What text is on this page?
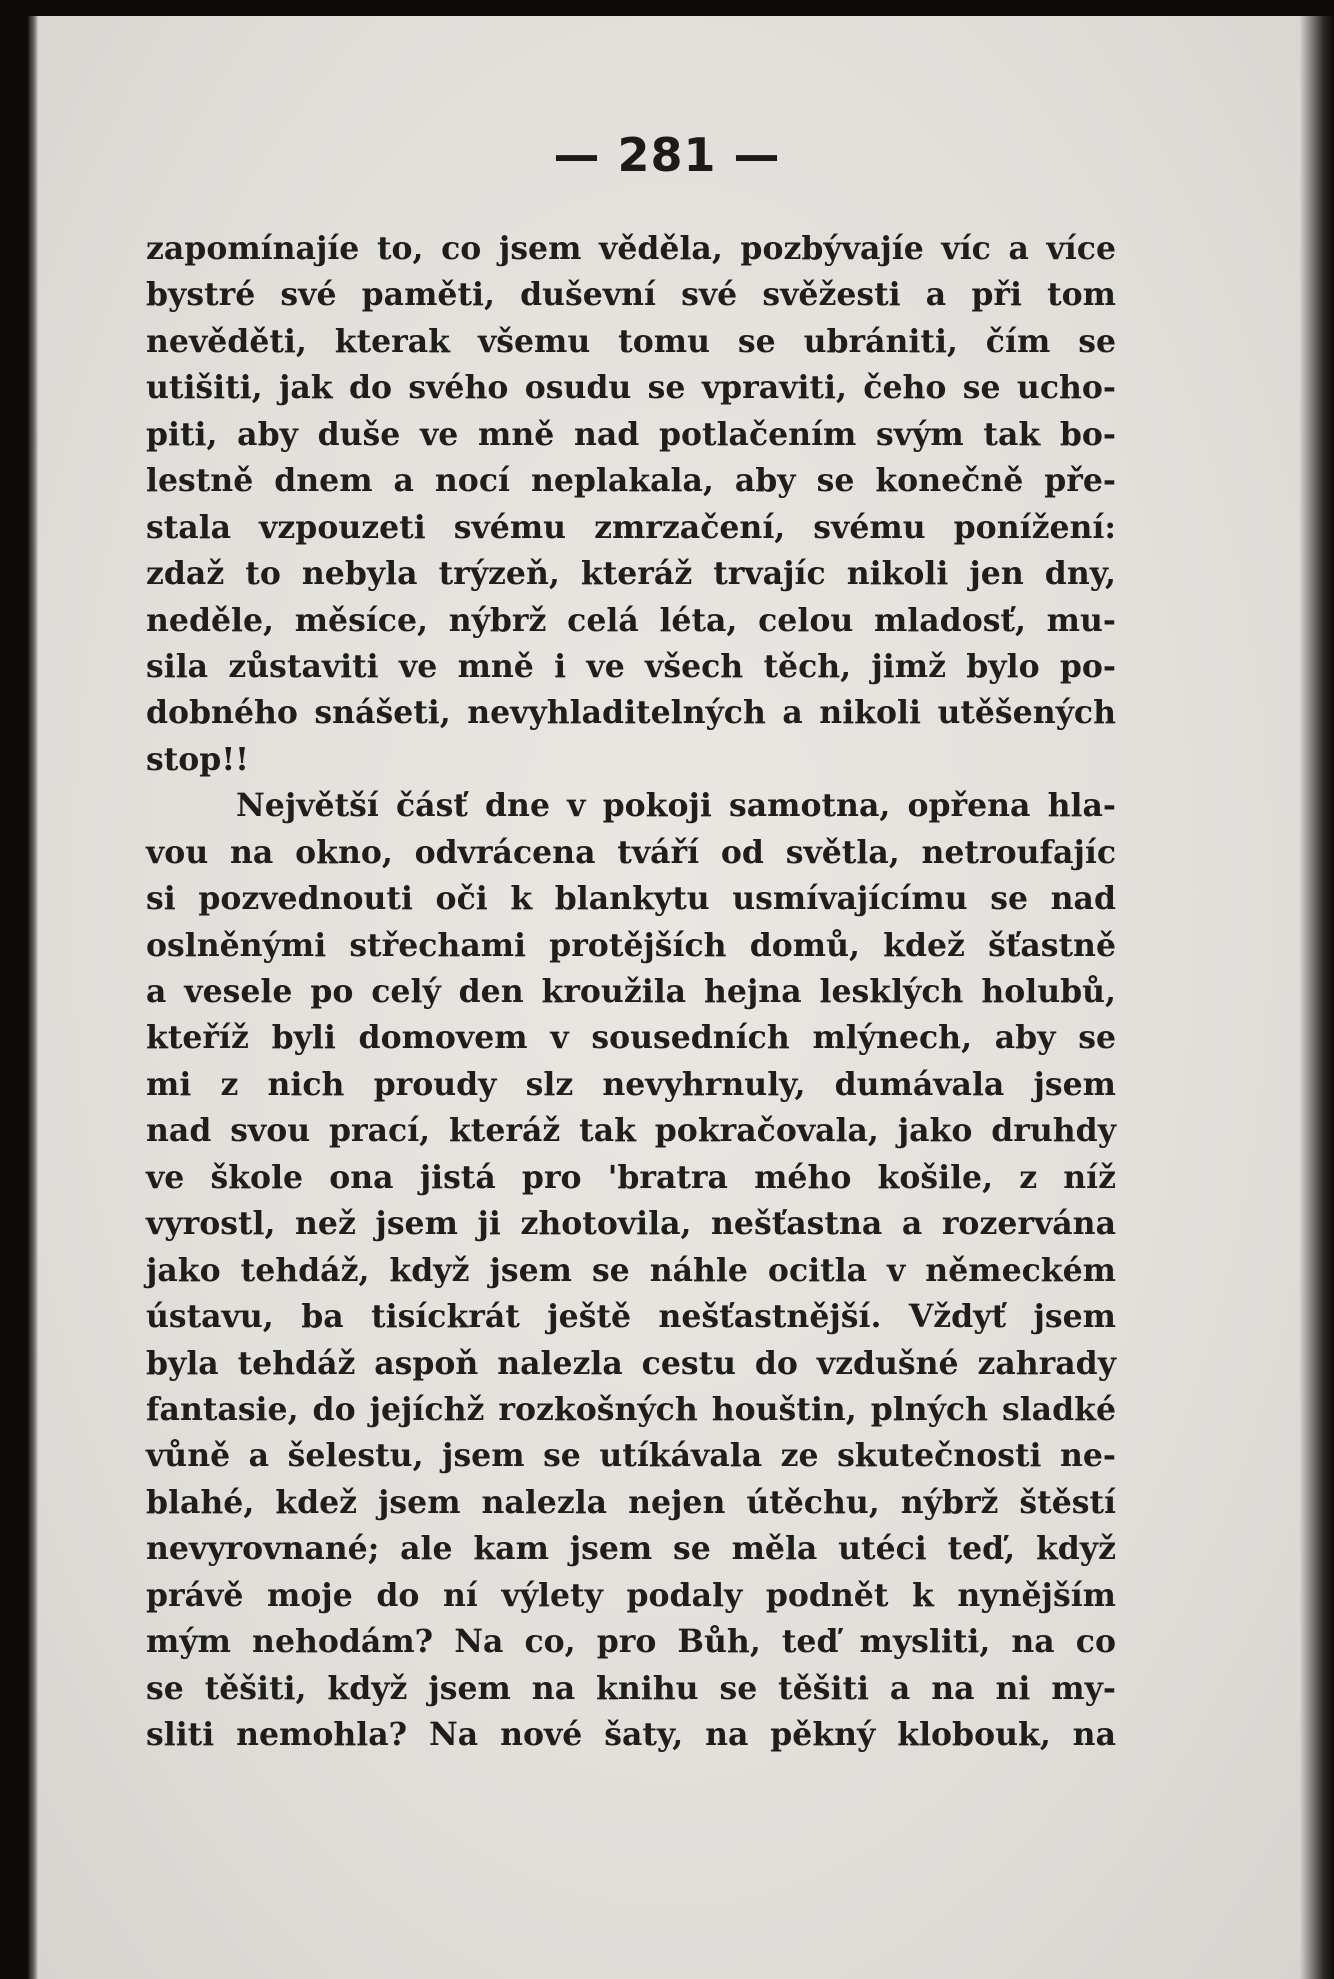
— 281 —
zapomínajíe to, co jsem věděla, pozbývajíe víc a více
bystré své paměti, duševní své svěžesti a při tom
nevěděti, kterak všemu tomu se ubrániti, čím se
utišiti, jak do svého osudu se vpraviti, čeho se ucho-
piti, aby duše ve mně nad potlačením svým tak bo-
lestně dnem a nocí neplakala, aby se konečně pře-
stala vzpouzeti svému zmrzačení, svému ponížení:
zdaž to nebyla trýzeň, kteráž trvajíc nikoli jen dny,
neděle, měsíce, nýbrž celá léta, celou mladosť, mu-
sila zůstaviti ve mně i ve všech těch, jimž bylo po-
dobného snášeti, nevyhladitelných a nikoli utěšených
stop!!
Největší čásť dne v pokoji samotna, opřena hla-
vou na okno, odvrácena tváří od světla, netroufajíc
si pozvednouti oči k blankytu usmívajícímu se nad
oslněnými střechami protějších domů, kdež šťastně
a vesele po celý den kroužila hejna lesklých holubů,
kteříž byli domovem v sousedních mlýnech, aby se
mi z nich proudy slz nevyhrnuly, dumávala jsem
nad svou prací, kteráž tak pokračovala, jako druhdy
ve škole ona jistá pro 'bratra mého košile, z níž
vyrostl, než jsem ji zhotovila, nešťastna a rozervána
jako tehdáž, když jsem se náhle ocitla v německém
ústavu, ba tisíckrát ještě nešťastnější. Vždyť jsem
byla tehdáž aspoň nalezla cestu do vzdušné zahrady
fantasie, do jejíchž rozkošných houštin, plných sladké
vůně a šelestu, jsem se utíkávala ze skutečnosti ne-
blahé, kdež jsem nalezla nejen útěchu, nýbrž štěstí
nevyrovnané; ale kam jsem se měla utéci teď, když
právě moje do ní výlety podaly podnět k nynějším
mým nehodám? Na co, pro Bůh, teď mysliti, na co
se těšiti, když jsem na knihu se těšiti a na ni my-
sliti nemohla? Na nové šaty, na pěkný klobouk, na
